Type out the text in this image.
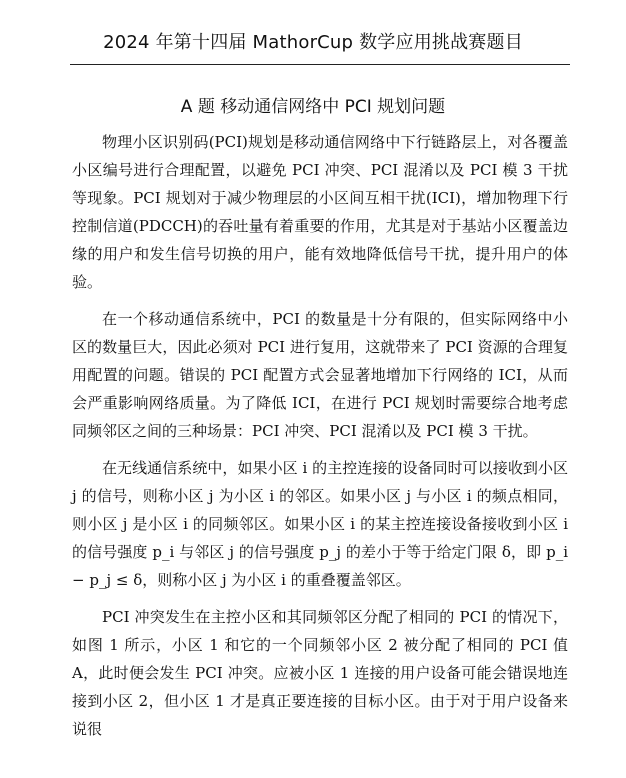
2024 年第十四届 MathorCup 数学应用挑战赛题目
A 题 移动通信网络中 PCI 规划问题

物理小区识别码(PCI)规划是移动通信网络中下行链路层上，对各覆盖小区编号进行合理配置，以避免 PCI 冲突、PCI 混淆以及 PCI 模 3 干扰等现象。PCI 规划对于减少物理层的小区间互相干扰(ICI)，增加物理下行控制信道(PDCCH)的吞吐量有着重要的作用，尤其是对于基站小区覆盖边缘的用户和发生信号切换的用户，能有效地降低信号干扰，提升用户的体验。

在一个移动通信系统中，PCI 的数量是十分有限的，但实际网络中小区的数量巨大，因此必须对 PCI 进行复用，这就带来了 PCI 资源的合理复用配置的问题。错误的 PCI 配置方式会显著地增加下行网络的 ICI，从而会严重影响网络质量。为了降低 ICI，在进行 PCI 规划时需要综合地考虑同频邻区之间的三种场景：PCI 冲突、PCI 混淆以及 PCI 模 3 干扰。

在无线通信系统中，如果小区 i 的主控连接的设备同时可以接收到小区 j 的信号，则称小区 j 为小区 i 的邻区。如果小区 j 与小区 i 的频点相同，则小区 j 是小区 i 的同频邻区。如果小区 i 的某主控连接设备接收到小区 i 的信号强度 p_i 与邻区 j 的信号强度 p_j 的差小于等于给定门限 δ，即 p_i − p_j ≤ δ，则称小区 j 为小区 i 的重叠覆盖邻区。

PCI 冲突发生在主控小区和其同频邻区分配了相同的 PCI 的情况下，如图 1 所示，小区 1 和它的一个同频邻小区 2 被分配了相同的 PCI 值 A，此时便会发生 PCI 冲突。应被小区 1 连接的用户设备可能会错误地连接到小区 2，但小区 1 才是真正要连接的目标小区。由于对于用户设备来说很
